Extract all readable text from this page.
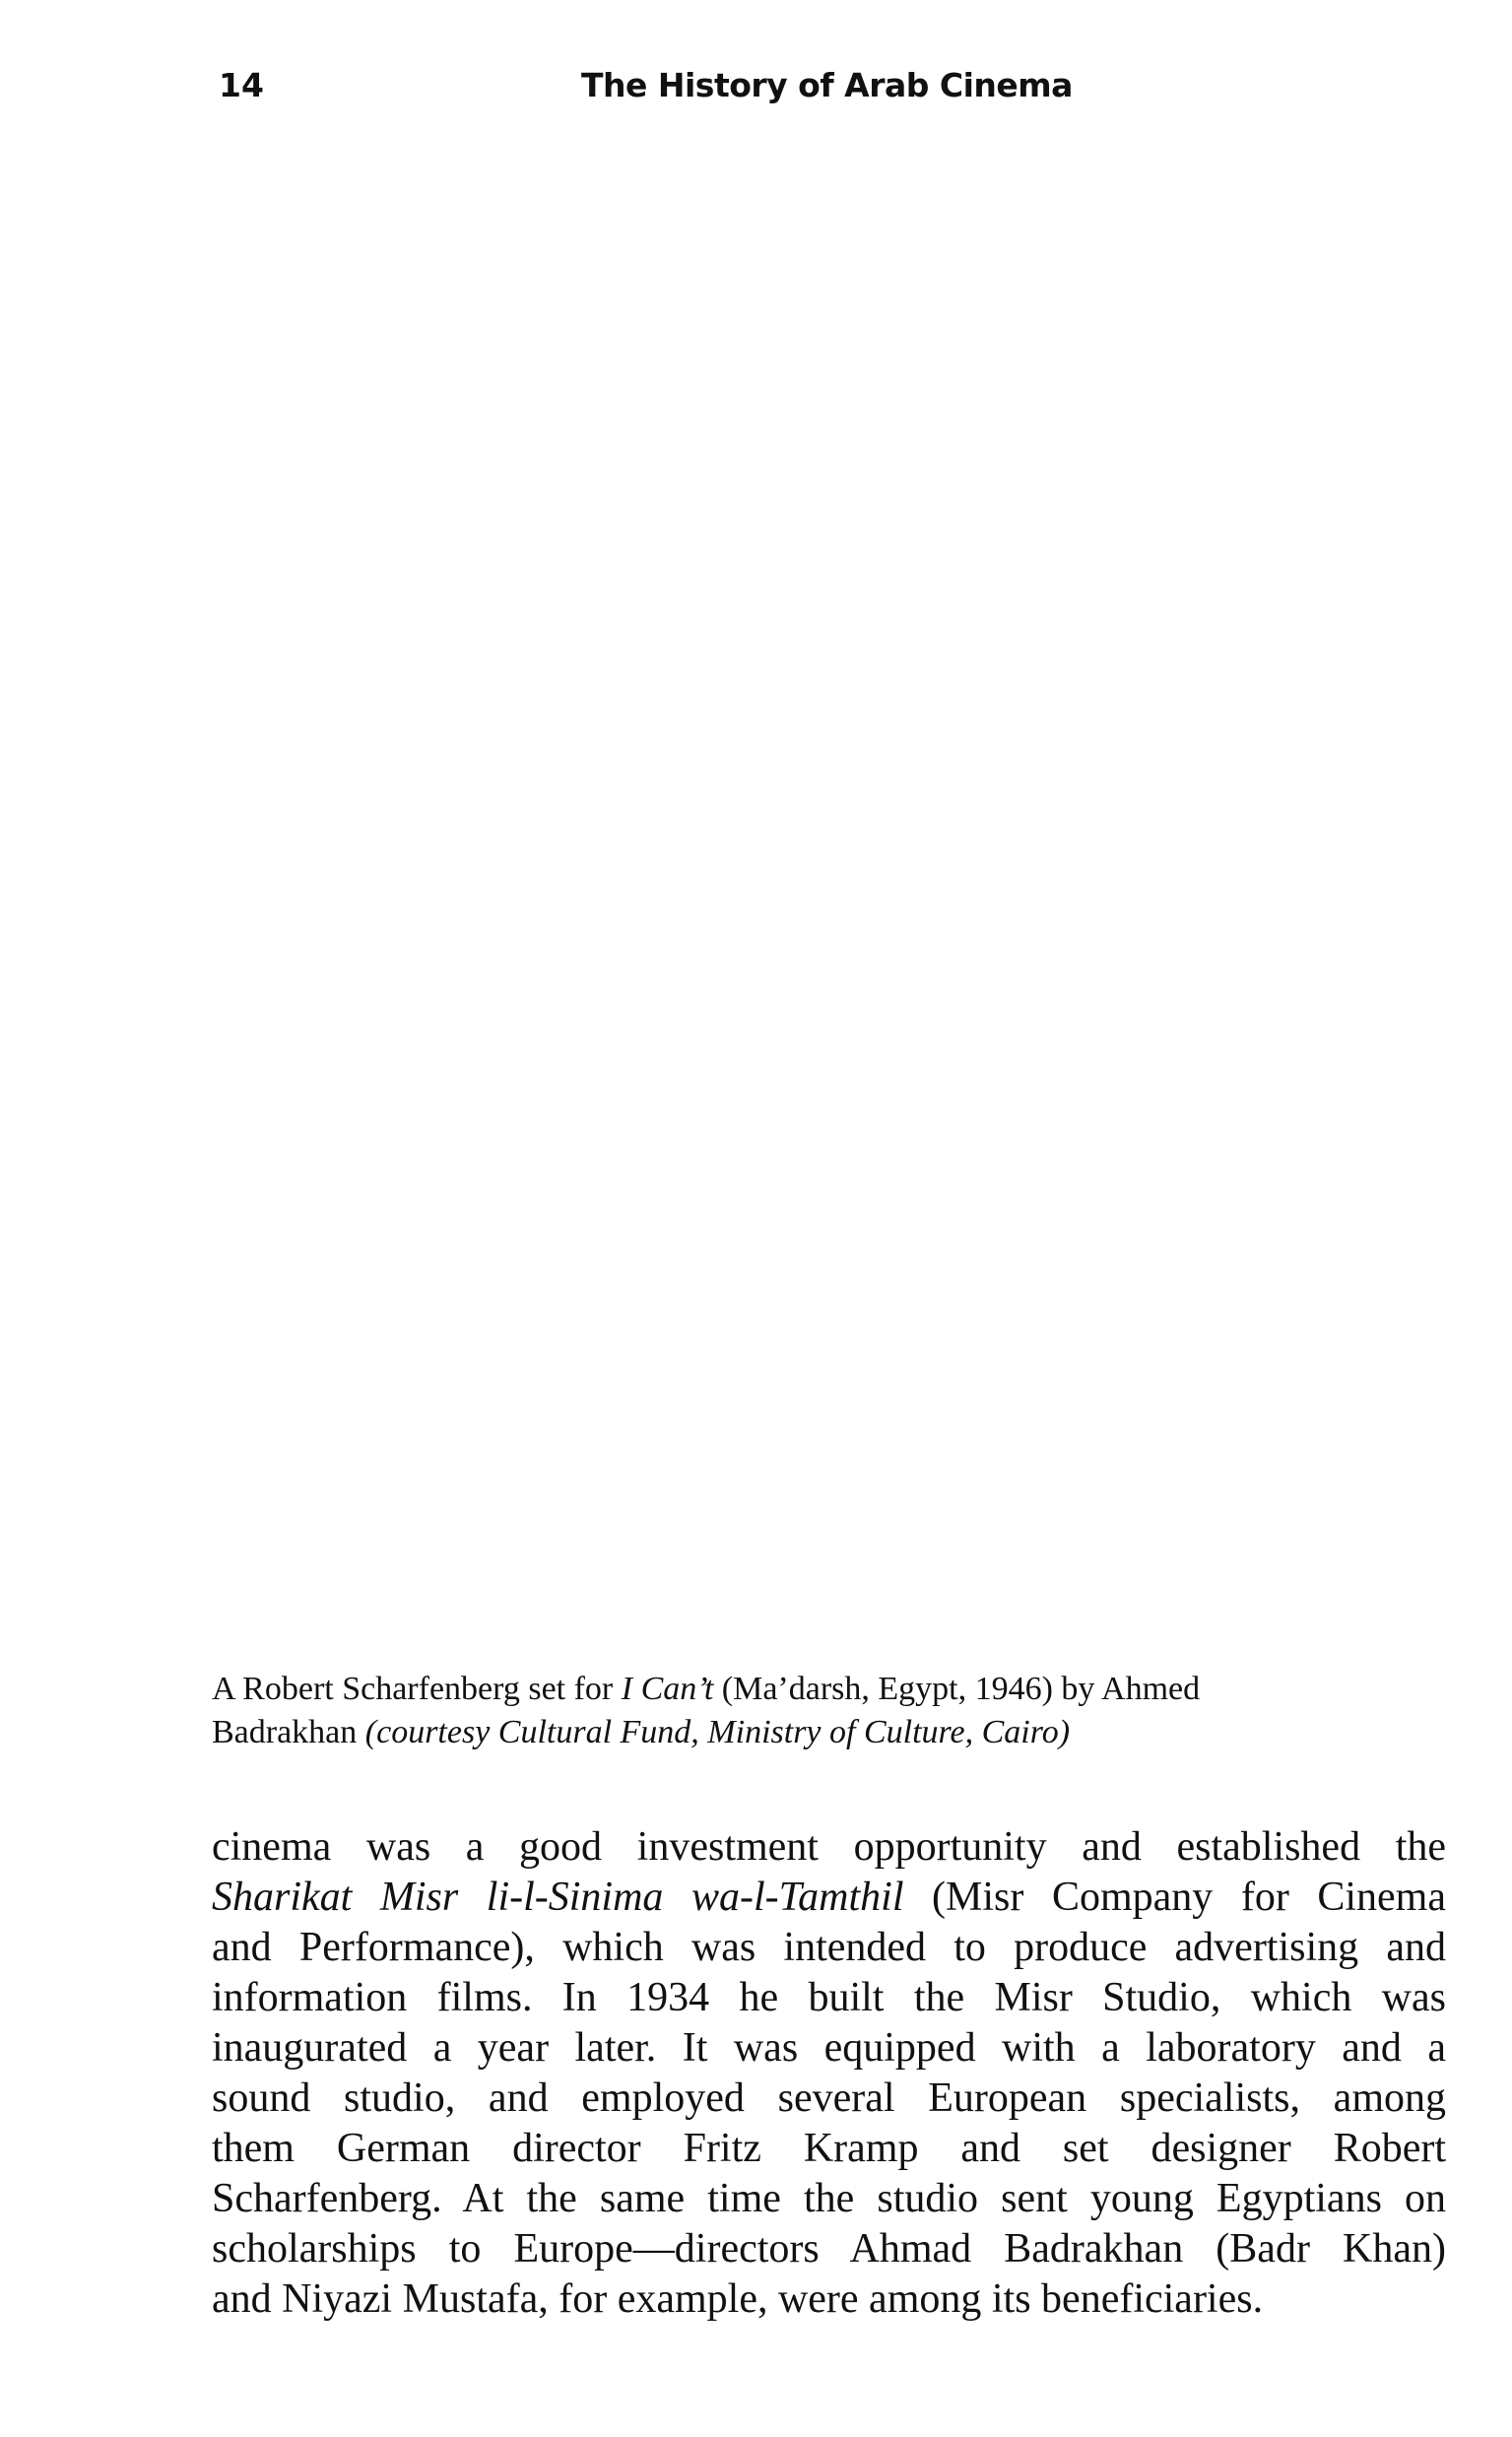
14	The History of Arab Cinema
A Robert Scharfenberg set for I Can’t (Ma’darsh, Egypt, 1946) by Ahmed
Badrakhan (courtesy Cultural Fund, Ministry of Culture, Cairo)
cinema was a good investment opportunity and established the
Sharikat Misr li-l-Sinima wa-l-Tamthil (Misr Company for Cinema
and Performance), which was intended to produce advertising and
information films. In 1934 he built the Misr Studio, which was
inaugurated a year later. It was equipped with a laboratory and a
sound studio, and employed several European specialists, among
them German director Fritz Kramp and set designer Robert
Scharfenberg. At the same time the studio sent young Egyptians on
scholarships to Europe—directors Ahmad Badrakhan (Badr Khan)
and Niyazi Mustafa, for example, were among its beneficiaries.
